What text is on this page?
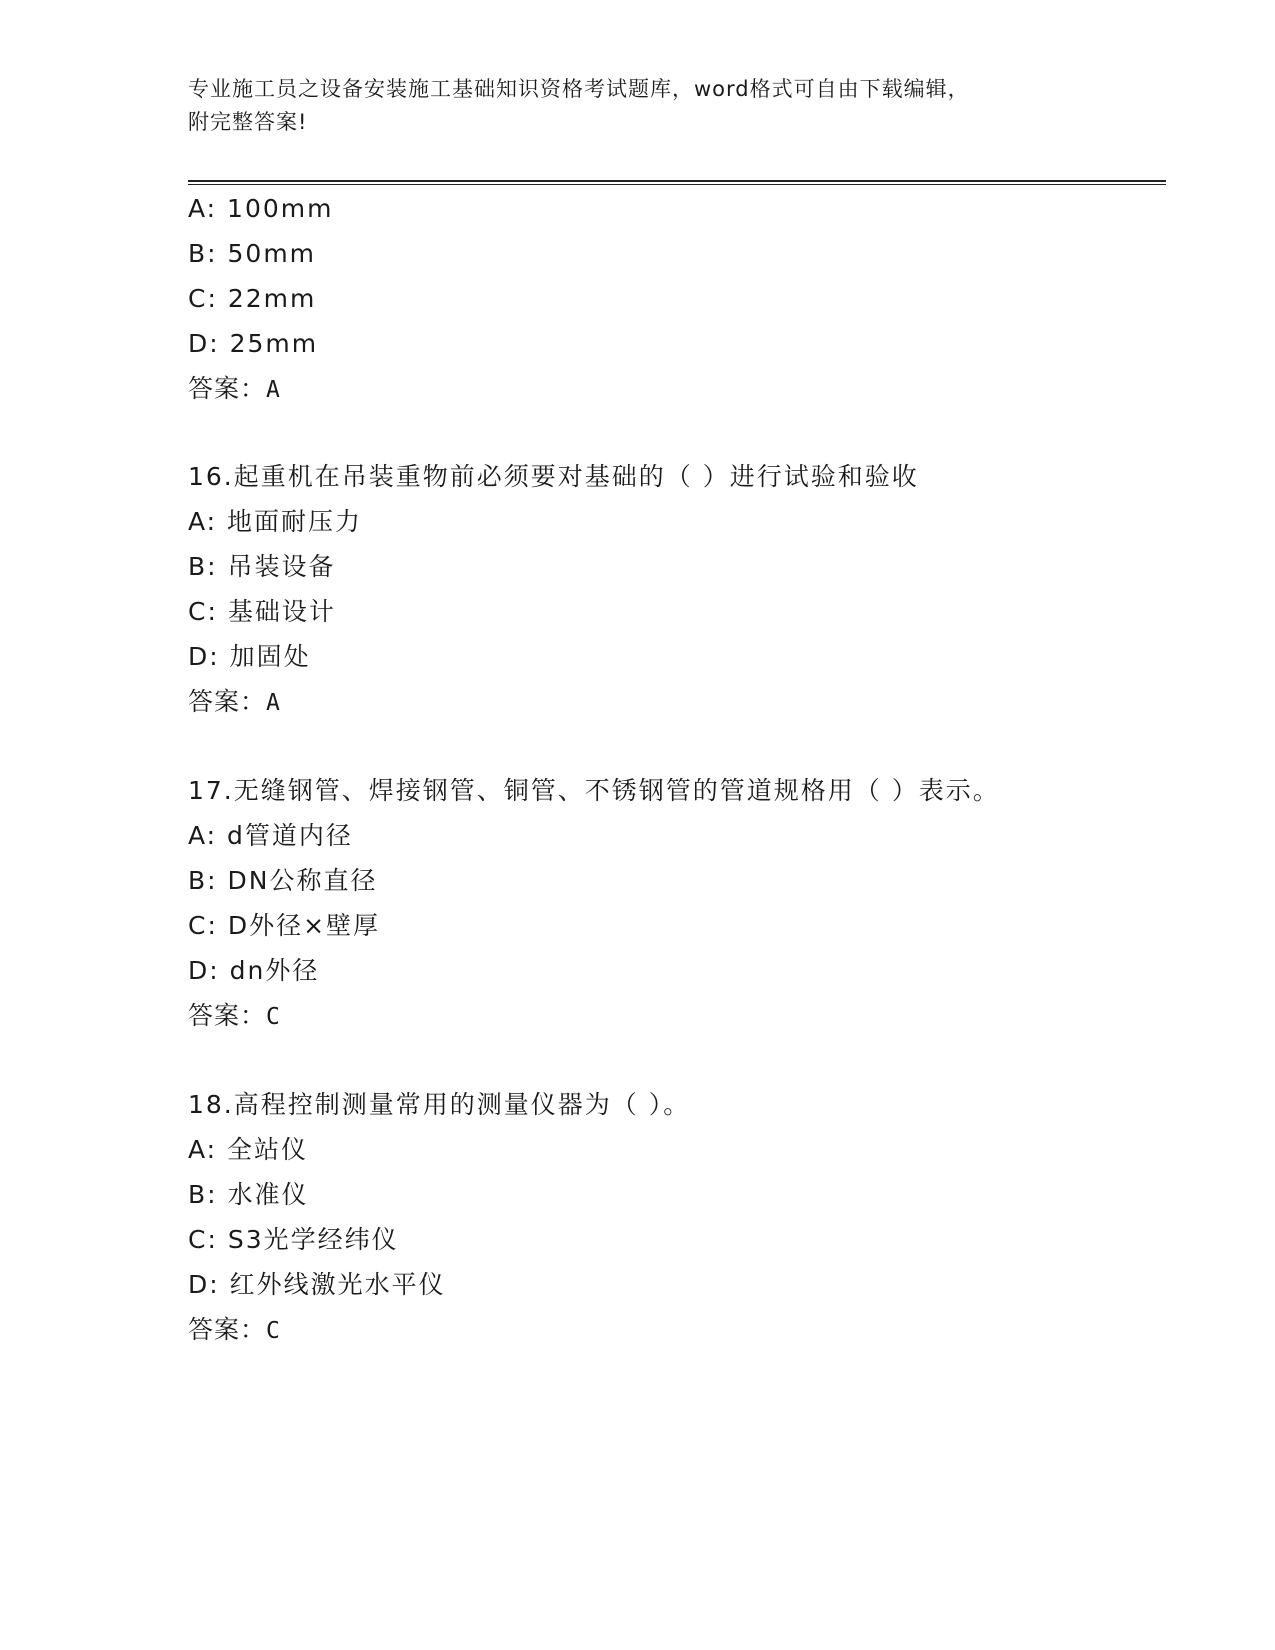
专业施工员之设备安装施工基础知识资格考试题库，word格式可自由下载编辑，
附完整答案!
A: 100mm
B: 50mm
C: 22mm
D: 25mm
答案：A
16.起重机在吊装重物前必须要对基础的（ ）进行试验和验收
A: 地面耐压力
B: 吊装设备
C: 基础设计
D: 加固处
答案：A
17.无缝钢管、焊接钢管、铜管、不锈钢管的管道规格用（ ）表示。
A: d管道内径
B: DN公称直径
C: D外径×壁厚
D: dn外径
答案：C
18.高程控制测量常用的测量仪器为（ ）。
A: 全站仪
B: 水准仪
C: S3光学经纬仪
D: 红外线激光水平仪
答案：C
